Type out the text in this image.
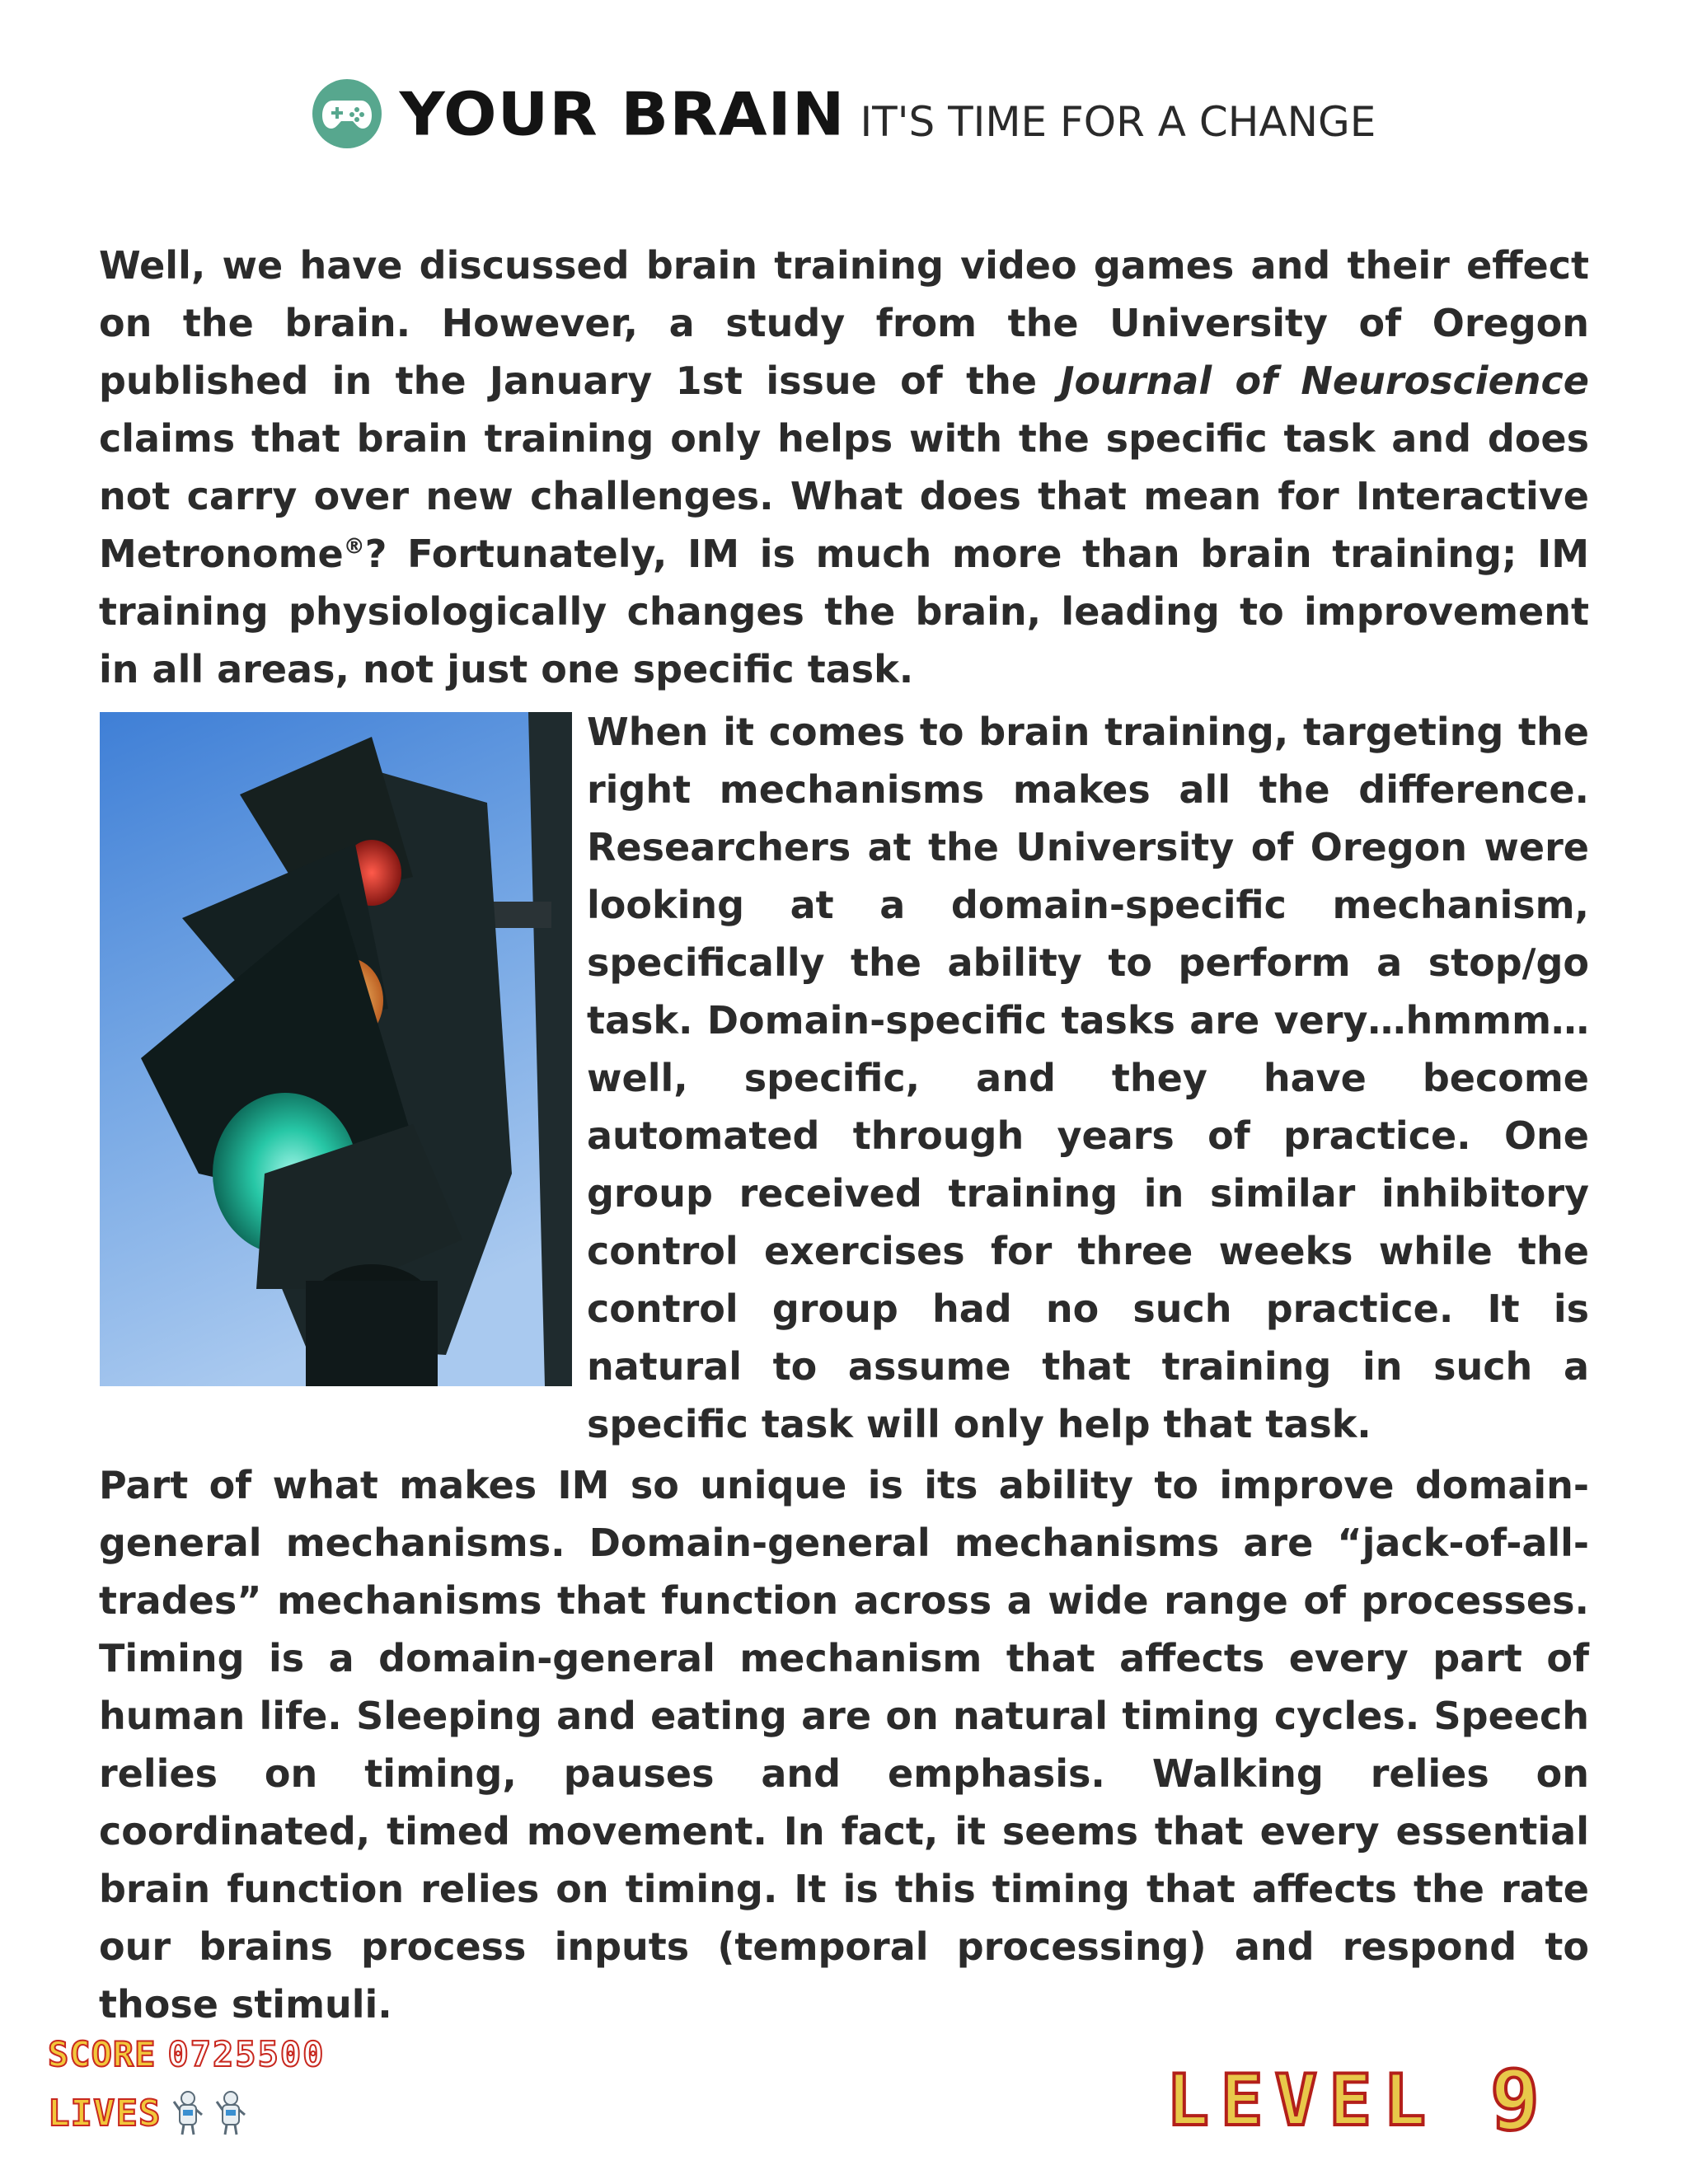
YOUR BRAIN IT'S TIME FOR A CHANGE

Well, we have discussed brain training video games and their effect on the brain. However, a study from the University of Oregon published in the January 1st issue of the Journal of Neuroscience claims that brain training only helps with the specific task and does not carry over new challenges. What does that mean for Interactive Metronome®? Fortunately, IM is much more than brain training; IM training physiologically changes the brain, leading to improvement in all areas, not just one specific task.

When it comes to brain training, targeting the right mechanisms makes all the difference. Researchers at the University of Oregon were looking at a domain-specific mechanism, specifically the ability to perform a stop/go task. Domain-specific tasks are very…hmmm…well, specific, and they have become automated through years of practice. One group received training in similar inhibitory control exercises for three weeks while the control group had no such practice. It is natural to assume that training in such a specific task will only help that task.

Part of what makes IM so unique is its ability to improve domain-general mechanisms. Domain-general mechanisms are “jack-of-all-trades” mechanisms that function across a wide range of processes. Timing is a domain-general mechanism that affects every part of human life. Sleeping and eating are on natural timing cycles. Speech relies on timing, pauses and emphasis. Walking relies on coordinated, timed movement. In fact, it seems that every essential brain function relies on timing. It is this timing that affects the rate our brains process inputs (temporal processing) and respond to those stimuli.

SCORE 0725500
LIVES	LEVEL 9
